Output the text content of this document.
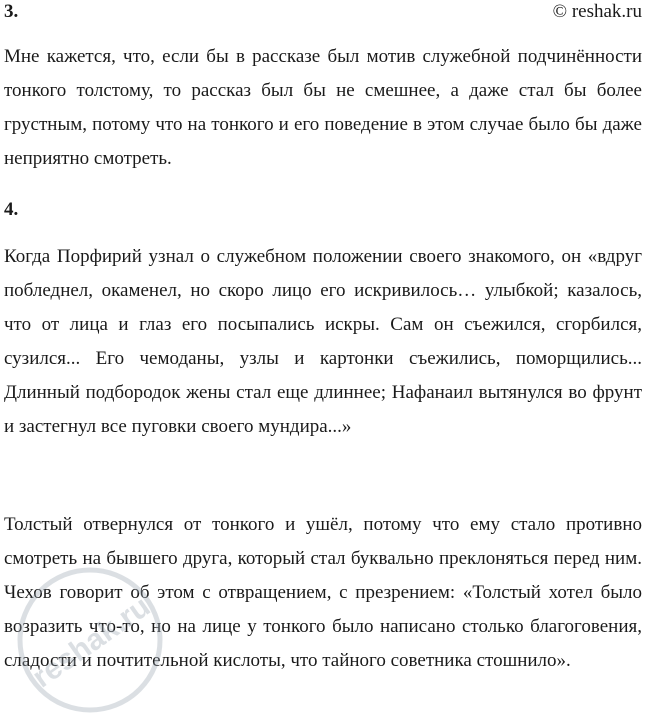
3.	© reshak.ru

Мне кажется, что, если бы в рассказе был мотив служебной подчинённости тонкого толстому, то рассказ был бы не смешнее, а даже стал бы более грустным, потому что на тонкого и его поведение в этом случае было бы даже неприятно смотреть.

4.

Когда Порфирий узнал о служебном положении своего знакомого, он «вдруг побледнел, окаменел, но скоро лицо его искривилось… улыбкой; казалось, что от лица и глаз его посыпались искры. Сам он съежился, сгорбился, сузился... Его чемоданы, узлы и картонки съежились, поморщились... Длинный подбородок жены стал еще длиннее; Нафанаил вытянулся во фрунт и застегнул все пуговки своего мундира...»

Толстый отвернулся от тонкого и ушёл, потому что ему стало противно смотреть на бывшего друга, который стал буквально преклоняться перед ним. Чехов говорит об этом с отвращением, с презрением: «Толстый хотел было возразить что-то, но на лице у тонкого было написано столько благоговения, сладости и почтительной кислоты, что тайного советника стошнило».

reshak.ru
